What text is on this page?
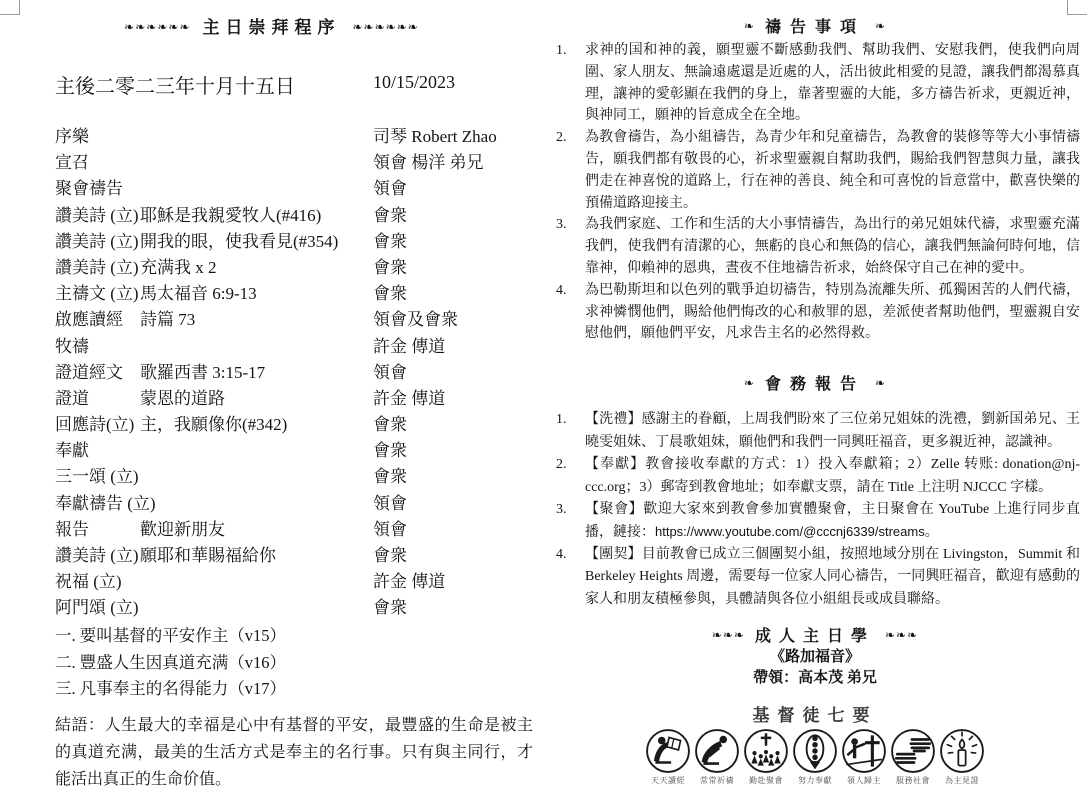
❧❧❧❧❧❧ 主日崇拜程序 ❧❧❧❧❧❧
主後二零二三年十月十五日	10/15/2023
序樂	司琴 Robert Zhao
宣召	領會 楊洋 弟兄
聚會禱告	領會
讚美詩 (立) 耶穌是我親愛牧人(#416)	會衆
讚美詩 (立) 開我的眼，使我看見(#354)	會衆
讚美詩 (立) 充满我 x 2	會衆
主禱文 (立) 馬太福音 6:9-13	會衆
啟應讀經	詩篇 73	領會及會衆
牧禱	許金 傳道
證道經文	歌羅西書 3:15-17	領會
證道	蒙恩的道路	許金 傳道
回應詩(立) 主，我願像你(#342)	會衆
奉獻	會衆
三一頌 (立)	會衆
奉獻禱告 (立)	領會
報告	歡迎新朋友	領會
讚美詩 (立) 願耶和華賜福給你	會衆
祝福 (立)	許金 傳道
阿門頌 (立)	會衆
一. 要叫基督的平安作主（v15）
二. 豐盛人生因真道充满（v16）
三. 凡事奉主的名得能力（v17）
結語：人生最大的幸福是心中有基督的平安，最豐盛的生命是被主的真道充满，最美的生活方式是奉主的名行事。只有與主同行，才能活出真正的生命价值。
❧ 禱告事項 ❧
1.	求神的国和神的義，願聖靈不斷感動我們、幫助我們、安慰我們，使我們向周圍、家人朋友、無論遠處還是近處的人，活出彼此相愛的見證，讓我們都渴慕真理，讓神的愛彰顯在我們的身上，靠著聖靈的大能，多方禱告祈求，更親近神，與神同工，願神的旨意成全在全地。
2.	為教會禱告，為小組禱告，為青少年和兒童禱告，為教會的裝修等等大小事情禱告，願我們都有敬畏的心，祈求聖靈親自幫助我們，賜給我們智慧與力量，讓我們走在神喜悅的道路上，行在神的善良、純全和可喜悅的旨意當中，歡喜快樂的預備道路迎接主。
3.	為我們家庭、工作和生活的大小事情禱告，為出行的弟兄姐妹代禱，求聖靈充滿我們，使我們有清潔的心，無虧的良心和無偽的信心，讓我們無論何時何地，信靠神，仰賴神的恩典，晝夜不住地禱告祈求，始終保守自己在神的愛中。
4.	為巴勒斯坦和以色列的戰爭迫切禱告，特別為流離失所、孤獨困苦的人們代禱，求神憐憫他們，賜給他們悔改的心和赦罪的恩，差派使者幫助他們，聖靈親自安慰他們，願他們平安，凡求告主名的必然得救。
❧ 會務報告 ❧
1.	【洗禮】感謝主的眷顧，上周我們盼來了三位弟兄姐妹的洗禮，劉新国弟兄、王曉雯姐妹、丁晨歌姐妹，願他們和我們一同興旺福音，更多親近神，認識神。
2.	【奉獻】教會接收奉獻的方式：1）投入奉獻箱；2）Zelle 转账: donation@nj-ccc.org；3）郵寄到教會地址；如奉獻支票，請在 Title 上注明 NJCCC 字樣。
3.	【聚會】歡迎大家來到教會參加實體聚會，主日聚會在 YouTube 上進行同步直播，鏈接：https://www.youtube.com/@cccnj6339/streams。
4.	【團契】目前教會已成立三個團契小組，按照地域分別在 Livingston，Summit 和 Berkeley Heights 周邊，需要每一位家人同心禱告，一同興旺福音，歡迎有感動的家人和朋友積極參與，具體請與各位小組組長或成員聯絡。
❧❧❧ 成人主日學 ❧❧❧
《路加福音》
帶領：高本茂 弟兄
基督徒七要
天天讀經	常常祈禱	勤赴聚會	努力奉獻	領人歸主	服務社會	為主見證
